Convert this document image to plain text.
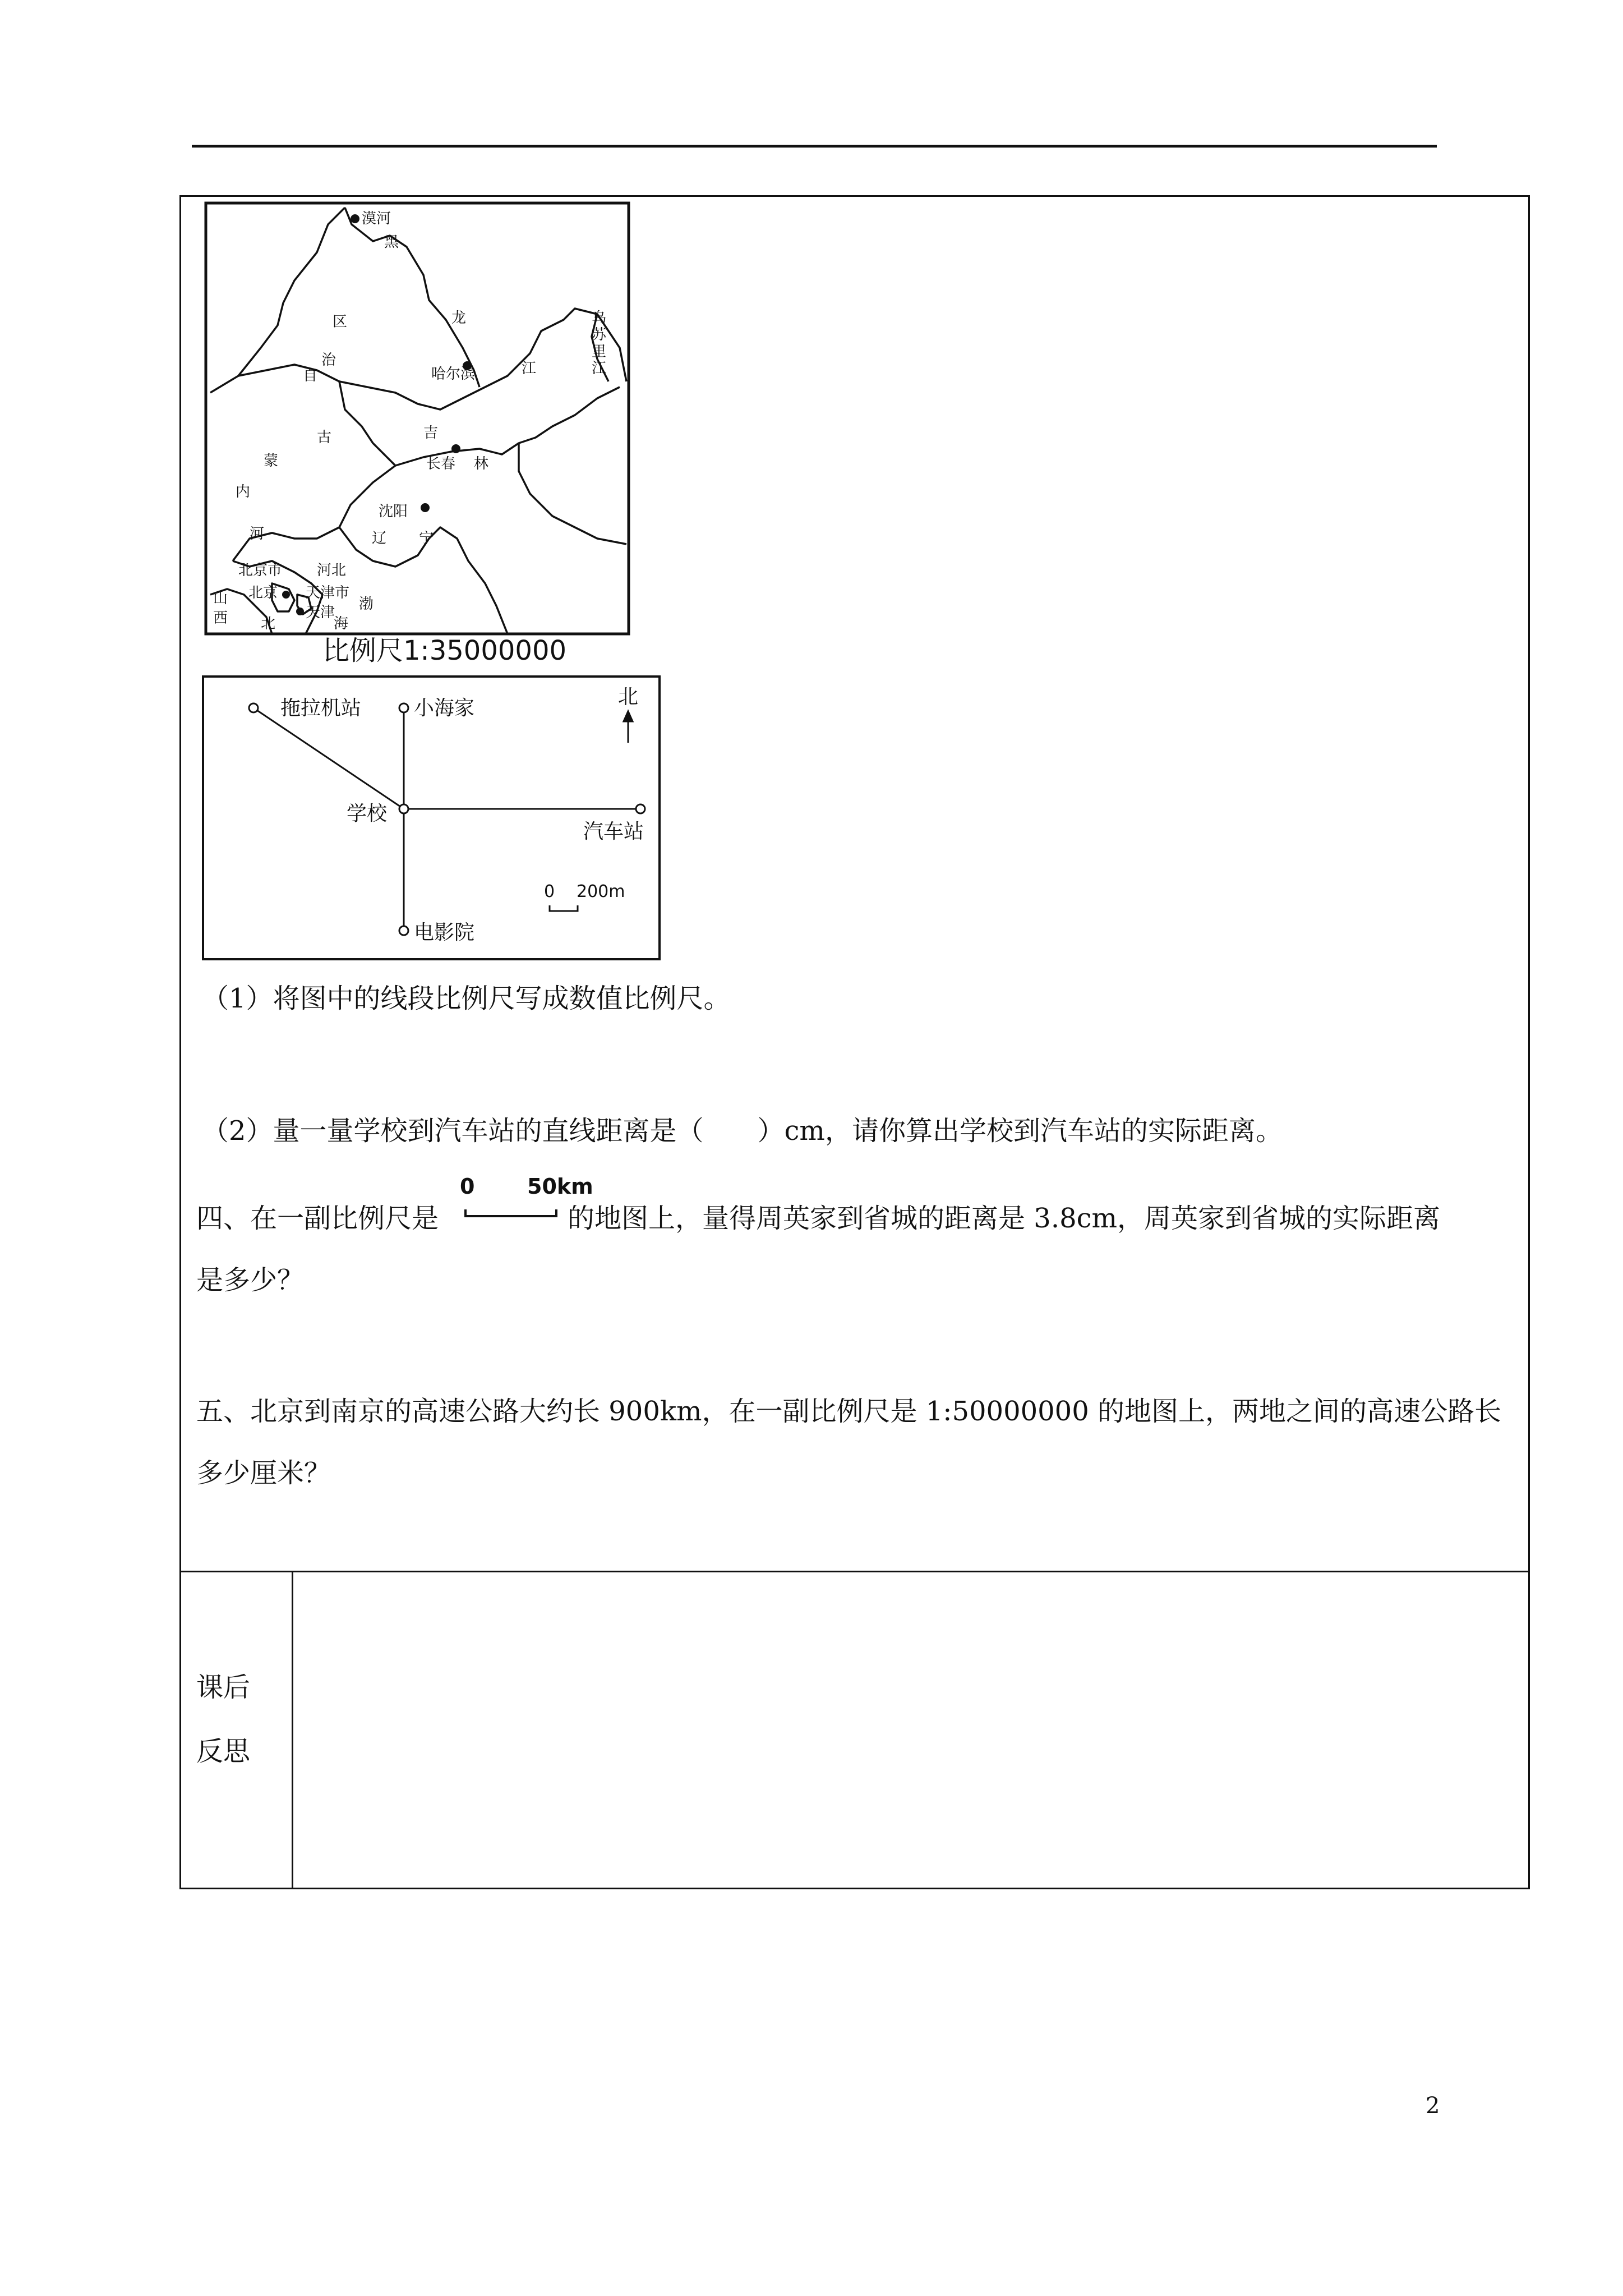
漠河
黑
龙
江
哈尔滨
乌
苏
里
江
区
治
自
古
蒙
内
吉
长春 林
沈阳
辽 宁
河
北京市 河北
北京 天津市
天津
山
西 北
渤
海
比例尺1:35000000
拖拉机站	小海家	北
学校
汽车站
电影院
0 200m
（1）将图中的线段比例尺写成数值比例尺。
（2）量一量学校到汽车站的直线距离是（　　）cm，请你算出学校到汽车站的实际距离。
四、在一副比例尺是	的地图上，量得周英家到省城的距离是 3.8cm，周英家到省城的实际距离
0 50km
是多少？
五、北京到南京的高速公路大约长 900km，在一副比例尺是 1:50000000 的地图上，两地之间的高速公路长
多少厘米？
课后
反思
2
